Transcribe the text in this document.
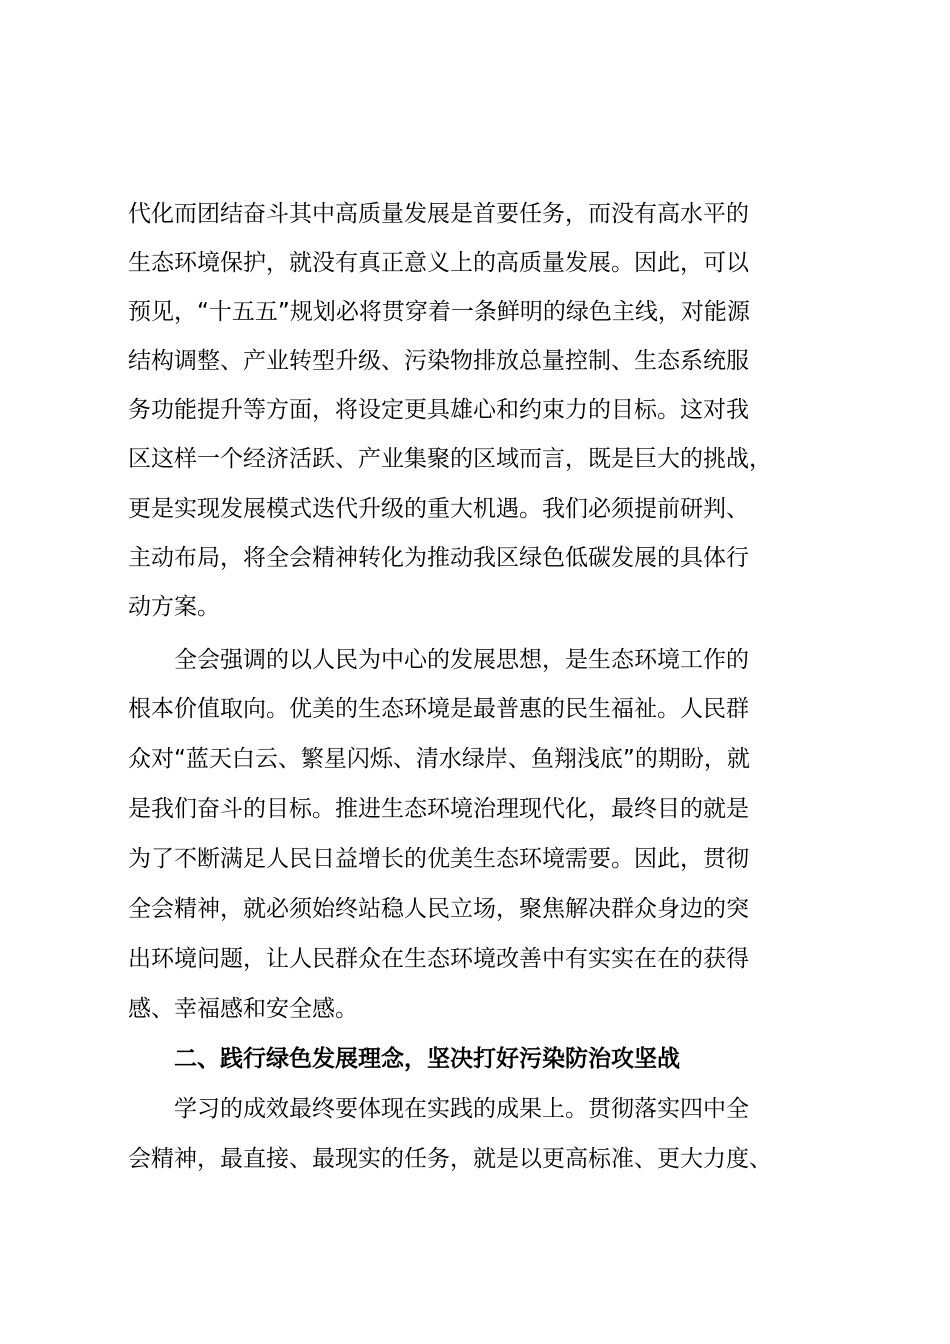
代化而团结奋斗其中高质量发展是首要任务，而没有高水平的
生态环境保护，就没有真正意义上的高质量发展。因此，可以
预见，“十五五”规划必将贯穿着一条鲜明的绿色主线，对能源
结构调整、产业转型升级、污染物排放总量控制、生态系统服
务功能提升等方面，将设定更具雄心和约束力的目标。这对我
区这样一个经济活跃、产业集聚的区域而言，既是巨大的挑战，
更是实现发展模式迭代升级的重大机遇。我们必须提前研判、
主动布局，将全会精神转化为推动我区绿色低碳发展的具体行
动方案。
　　全会强调的以人民为中心的发展思想，是生态环境工作的
根本价值取向。优美的生态环境是最普惠的民生福祉。人民群
众对“蓝天白云、繁星闪烁、清水绿岸、鱼翔浅底”的期盼，就
是我们奋斗的目标。推进生态环境治理现代化，最终目的就是
为了不断满足人民日益增长的优美生态环境需要。因此，贯彻
全会精神，就必须始终站稳人民立场，聚焦解决群众身边的突
出环境问题，让人民群众在生态环境改善中有实实在在的获得
感、幸福感和安全感。
　　二、践行绿色发展理念，坚决打好污染防治攻坚战
　　学习的成效最终要体现在实践的成果上。贯彻落实四中全
会精神，最直接、最现实的任务，就是以更高标准、更大力度、
